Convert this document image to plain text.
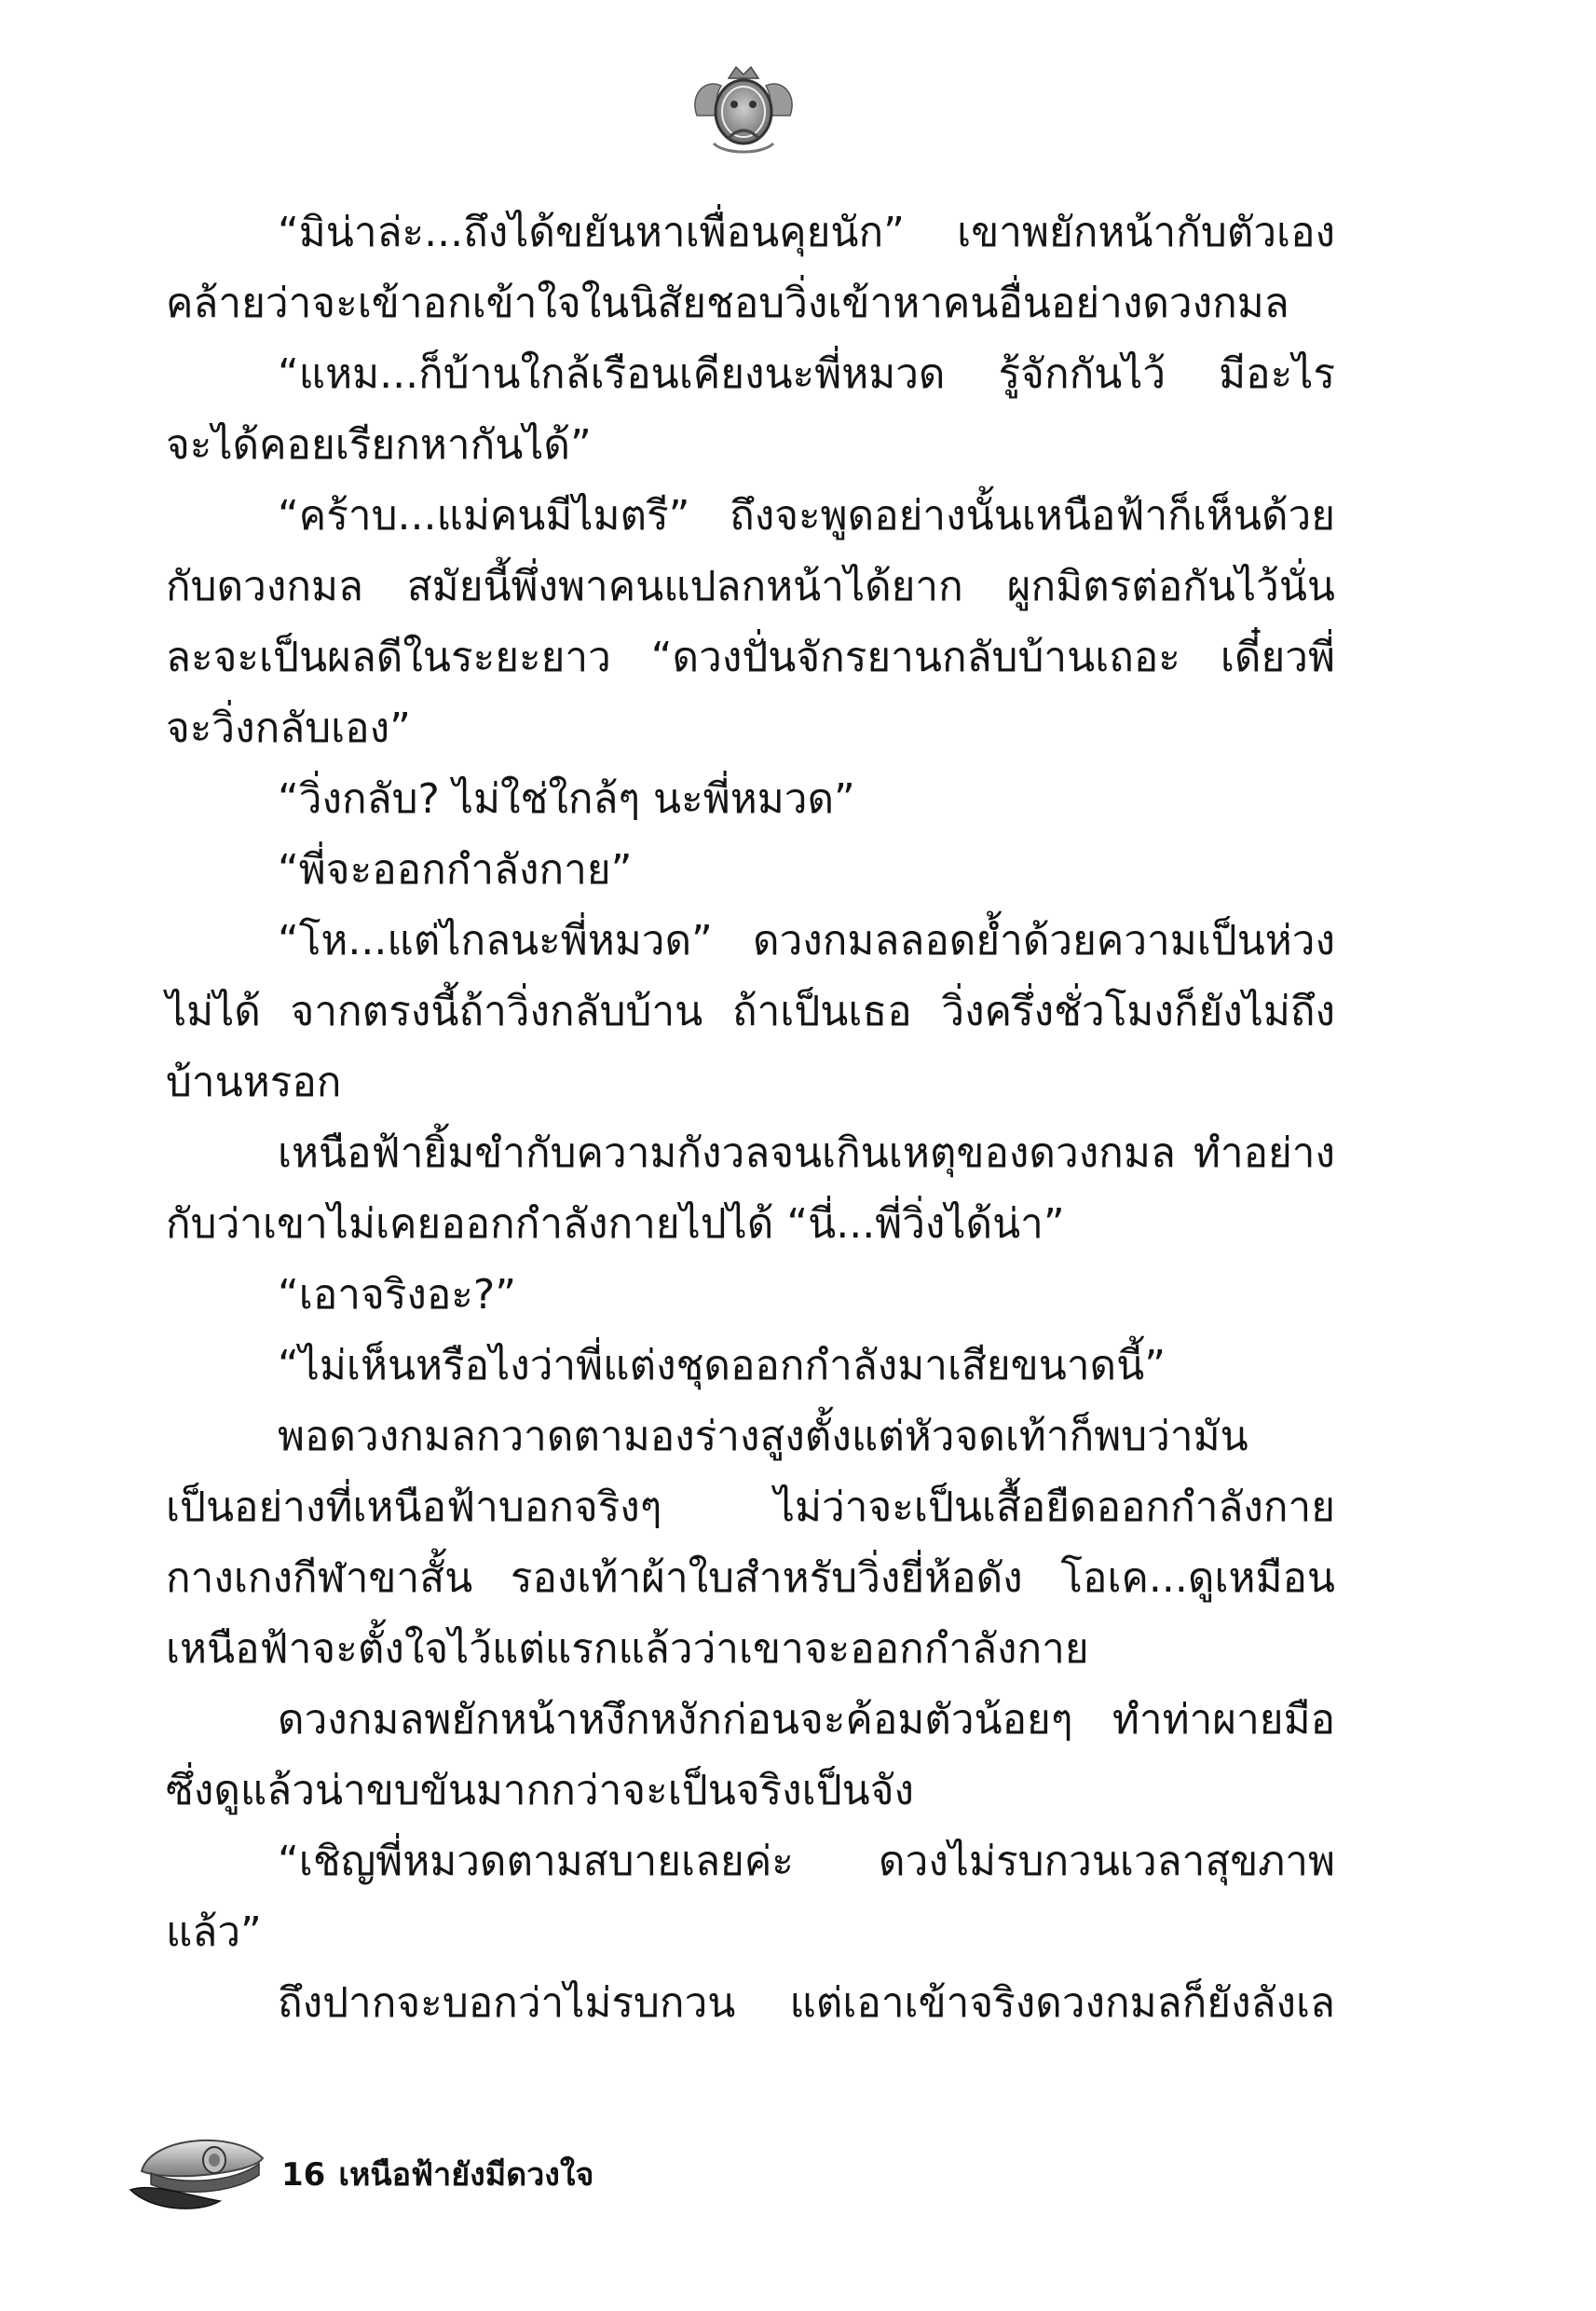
“มิน่าล่ะ...ถึงได้ขยันหาเพื่อนคุยนัก” เขาพยักหน้ากับตัวเอง
คล้ายว่าจะเข้าอกเข้าใจในนิสัยชอบวิ่งเข้าหาคนอื่นอย่างดวงกมล
“แหม...ก็บ้านใกล้เรือนเคียงนะพี่หมวด รู้จักกันไว้ มีอะไร
จะได้คอยเรียกหากันได้”
“คร้าบ...แม่คนมีไมตรี” ถึงจะพูดอย่างนั้นเหนือฟ้าก็เห็นด้วย
กับดวงกมล สมัยนี้พึ่งพาคนแปลกหน้าได้ยาก ผูกมิตรต่อกันไว้นั่น
ละจะเป็นผลดีในระยะยาว “ดวงปั่นจักรยานกลับบ้านเถอะ เดี๋ยวพี่
จะวิ่งกลับเอง”
“วิ่งกลับ? ไม่ใช่ใกล้ๆ นะพี่หมวด”
“พี่จะออกกำลังกาย”
“โห...แต่ไกลนะพี่หมวด” ดวงกมลลอดย้ำด้วยความเป็นห่วง
ไม่ได้ จากตรงนี้ถ้าวิ่งกลับบ้าน ถ้าเป็นเธอ วิ่งครึ่งชั่วโมงก็ยังไม่ถึง
บ้านหรอก
เหนือฟ้ายิ้มขำกับความกังวลจนเกินเหตุของดวงกมล ทำอย่าง
กับว่าเขาไม่เคยออกกำลังกายไปได้ “นี่...พี่วิ่งได้น่า”
“เอาจริงอะ?”
“ไม่เห็นหรือไงว่าพี่แต่งชุดออกกำลังมาเสียขนาดนี้”
พอดวงกมลกวาดตามองร่างสูงตั้งแต่หัวจดเท้าก็พบว่ามัน
เป็นอย่างที่เหนือฟ้าบอกจริงๆ ไม่ว่าจะเป็นเสื้อยืดออกกำลังกาย
กางเกงกีฬาขาสั้น รองเท้าผ้าใบสำหรับวิ่งยี่ห้อดัง โอเค...ดูเหมือน
เหนือฟ้าจะตั้งใจไว้แต่แรกแล้วว่าเขาจะออกกำลังกาย
ดวงกมลพยักหน้าหงึกหงักก่อนจะค้อมตัวน้อยๆ ทำท่าผายมือ
ซึ่งดูแล้วน่าขบขันมากกว่าจะเป็นจริงเป็นจัง
“เชิญพี่หมวดตามสบายเลยค่ะ ดวงไม่รบกวนเวลาสุขภาพ
แล้ว”
ถึงปากจะบอกว่าไม่รบกวน แต่เอาเข้าจริงดวงกมลก็ยังลังเล
16 เหนือฟ้ายังมีดวงใจ
